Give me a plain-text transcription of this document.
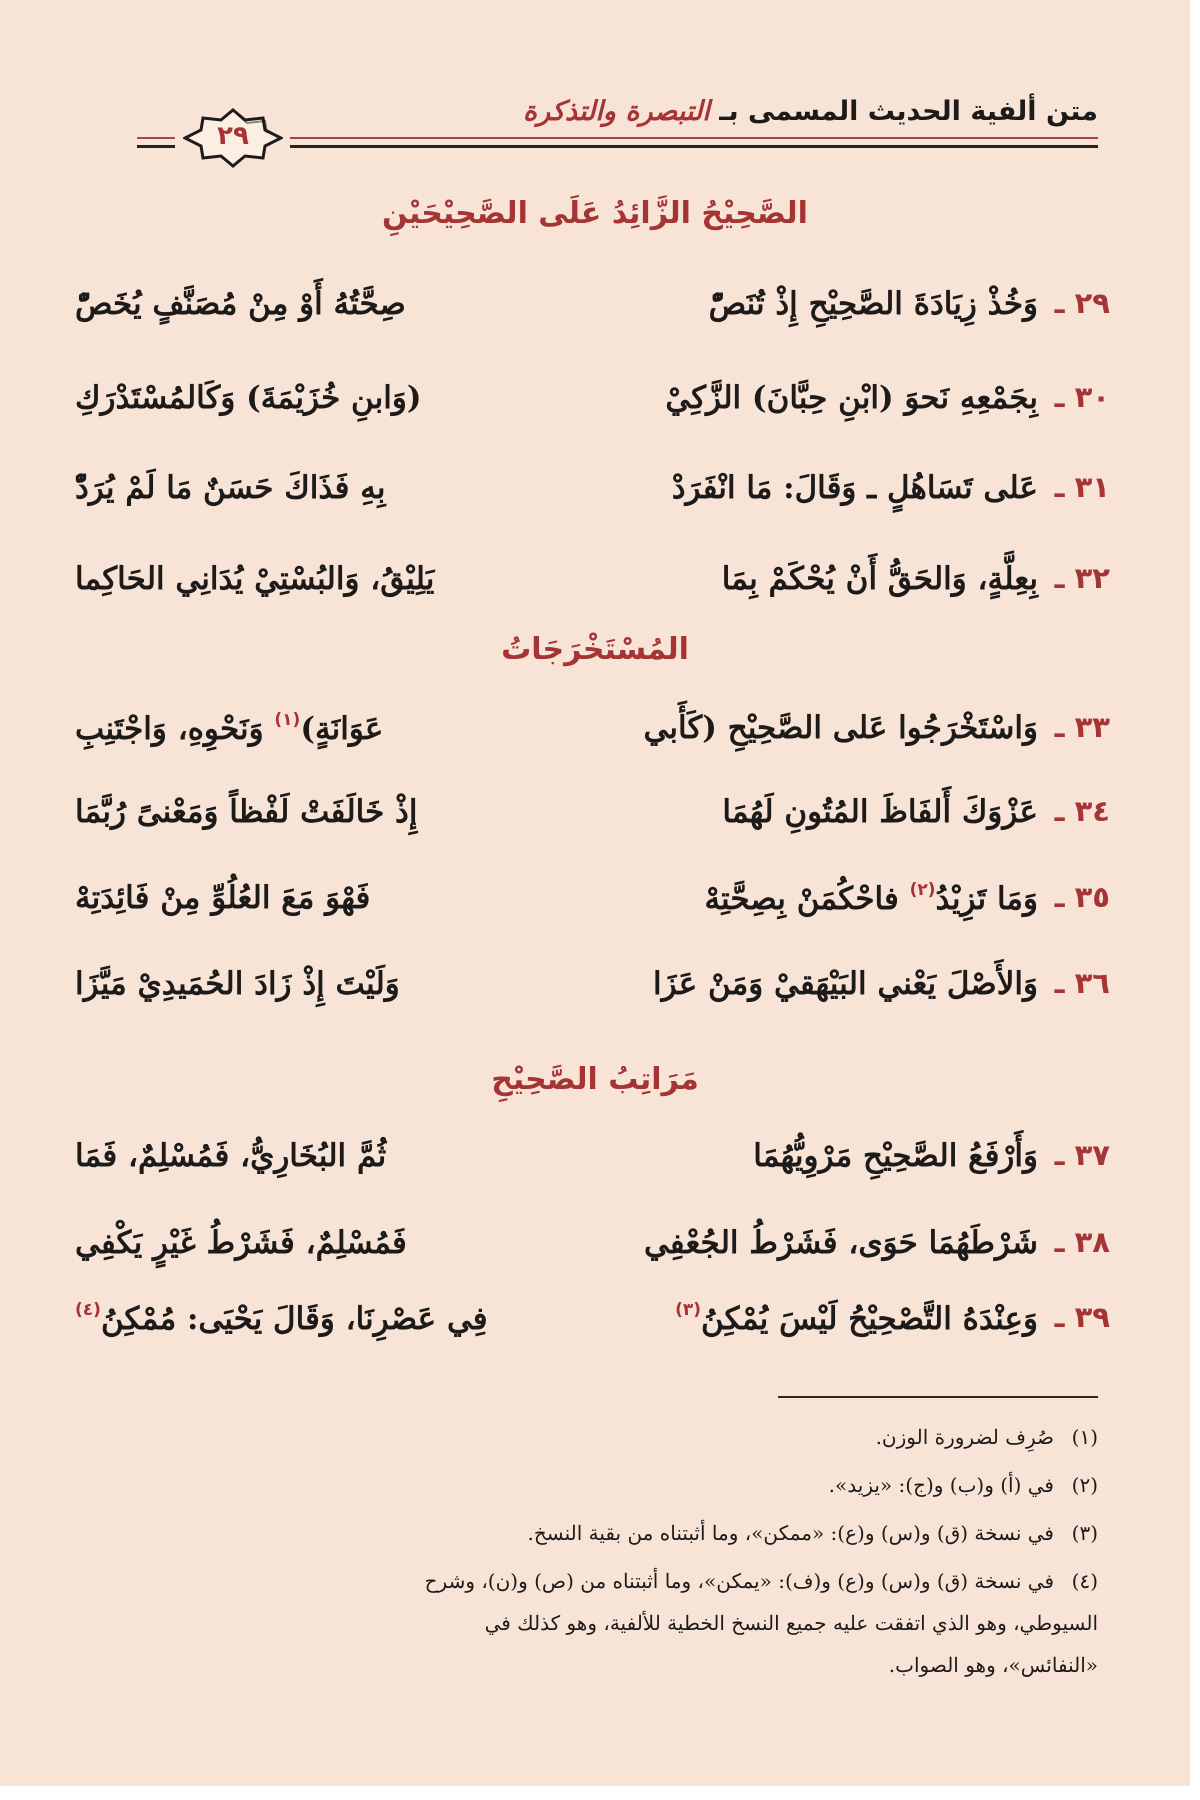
متن ألفية الحديث المسمى بـ التبصرة والتذكرة
٢٩
الصَّحِيْحُ الزَّائِدُ عَلَى الصَّحِيْحَيْنِ
٢٩ ـ
وَخُذْ زِيَادَةَ الصَّحِيْحِ إِذْ تُنَصّْ
صِحَّتُهُ أَوْ مِنْ مُصَنَّفٍ يُخَصّْ
٣٠ ـ
بِجَمْعِهِ نَحوَ (ابْنِ حِبَّانَ) الزَّكِيْ
(وَابنِ خُزَيْمَةَ) وَكَالمُسْتَدْرَكِ
٣١ ـ
عَلى تَسَاهُلٍ ـ وَقَالَ: مَا انْفَرَدْ
بِهِ فَذَاكَ حَسَنٌ مَا لَمْ يُرَدّْ
٣٢ ـ
بِعِلَّةٍ، وَالحَقُّ أَنْ يُحْكَمْ بِمَا
يَلِيْقُ، وَالبُسْتِيْ يُدَانِي الحَاكِما
المُسْتَخْرَجَاتُ
٣٣ ـ
وَاسْتَخْرَجُوا عَلى الصَّحِيْحِ (كَأَبي
عَوَانَةٍ)$^{(١)}$ وَنَحْوِهِ، وَاجْتَنِبِ
٣٤ ـ
عَزْوَكَ أَلفَاظَ المُتُونِ لَهُمَا
إِذْ خَالَفَتْ لَفْظاً وَمَعْنىً رُبَّمَا
٣٥ ـ
وَمَا تَزِيْدُ$^{(٢)}$ فاحْكُمَنْ بِصِحَّتِهْ
فَهْوَ مَعَ العُلُوِّ مِنْ فَائِدَتِهْ
٣٦ ـ
وَالأَصْلَ يَعْني البَيْهَقيْ وَمَنْ عَزَا
وَلَيْتَ إِذْ زَادَ الحُمَيدِيْ مَيَّزَا
مَرَاتِبُ الصَّحِيْحِ
٣٧ ـ
وَأَرْفَعُ الصَّحِيْحِ مَرْوِيُّهُمَا
ثُمَّ البُخَارِيُّ، فَمُسْلِمٌ، فَمَا
٣٨ ـ
شَرْطَهُمَا حَوَى، فَشَرْطُ الجُعْفِي
فَمُسْلِمٌ، فَشَرْطُ غَيْرٍ يَكْفِي
٣٩ ـ
وَعِنْدَهُ التَّصْحِيْحُ لَيْسَ يُمْكِنُ$^{(٣)}$
فِي عَصْرِنَا، وَقَالَ يَحْيَى: مُمْكِنُ$^{(٤)}$
(١)صُرِف لضرورة الوزن.
(٢)في (أ) و(ب) و(ج): «يزيد».
(٣)في نسخة (ق) و(س) و(ع): «ممكن»، وما أثبتناه من بقية النسخ.
(٤)في نسخة (ق) و(س) و(ع) و(ف): «يمكن»، وما أثبتناه من (ص) و(ن)، وشرح
السيوطي، وهو الذي اتفقت عليه جميع النسخ الخطية للألفية، وهو كذلك في
«النفائس»، وهو الصواب.
